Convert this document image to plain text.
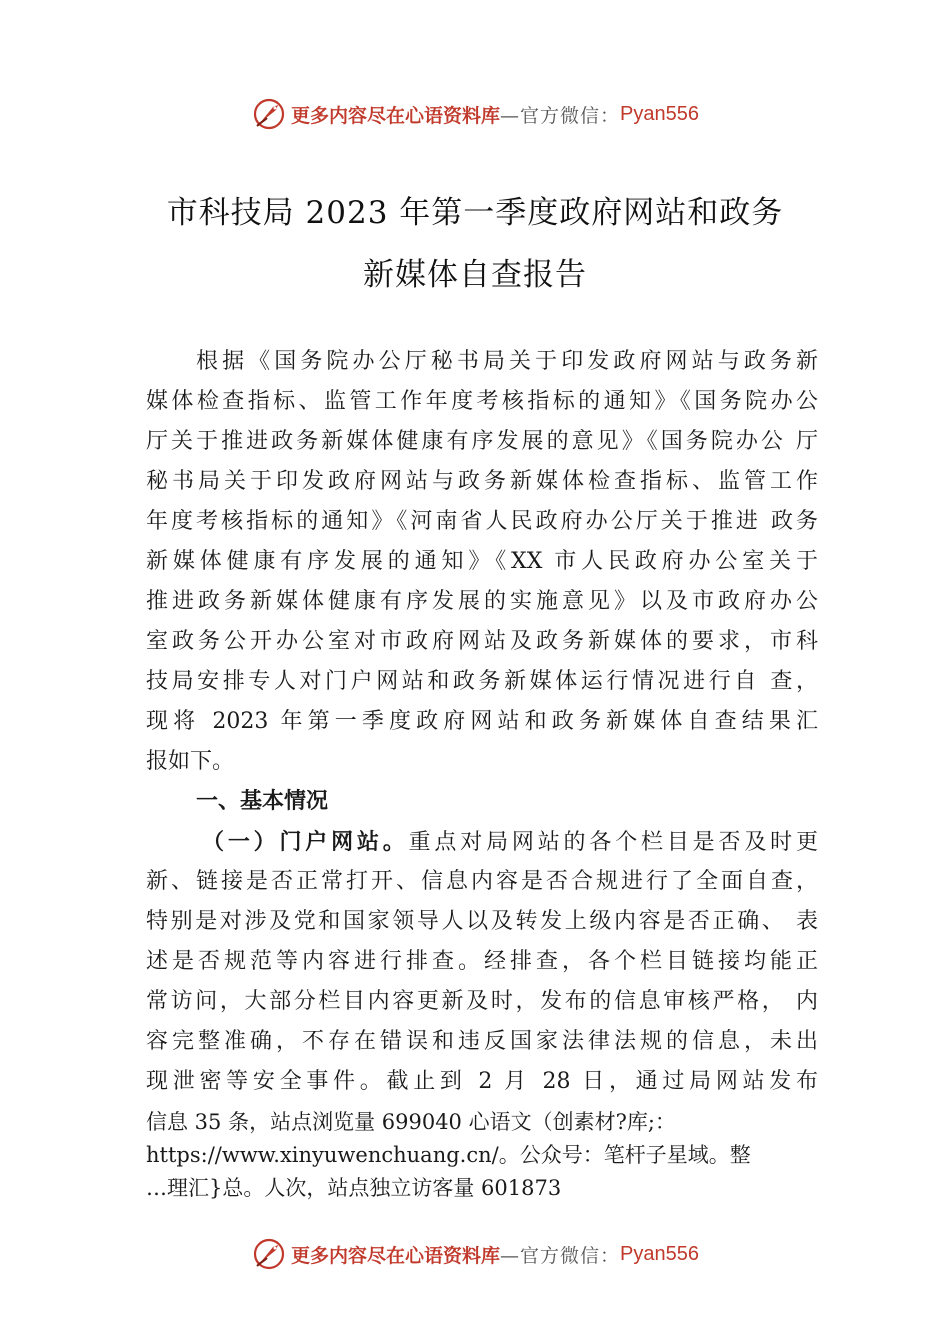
更多内容尽在心语资料库 —官方微信： Pyan556
市科技局 2023 年第一季度政府网站和政务
新媒体自查报告
根据《国务院办公厅秘书局关于印发政府网站与政务新
媒体检查指标、监管工作年度考核指标的通知》《国务院办公
厅关于推进政务新媒体健康有序发展的意见》《国务院办公 厅
秘书局关于印发政府网站与政务新媒体检查指标、监管工作
年度考核指标的通知》《河南省人民政府办公厅关于推进 政务
新媒体健康有序发展的通知》《XX 市人民政府办公室关于
推进政务新媒体健康有序发展的实施意见》以及市政府办公
室政务公开办公室对市政府网站及政务新媒体的要求，市科
技局安排专人对门户网站和政务新媒体运行情况进行自 查，
现将 2023 年第一季度政府网站和政务新媒体自查结果汇
报如下。
一、基本情况
（一）门户网站。重点对局网站的各个栏目是否及时更
新、链接是否正常打开、信息内容是否合规进行了全面自查，
特别是对涉及党和国家领导人以及转发上级内容是否正确、 表
述是否规范等内容进行排查。经排查，各个栏目链接均能正
常访问，大部分栏目内容更新及时，发布的信息审核严格， 内
容完整准确，不存在错误和违反国家法律法规的信息，未出
现泄密等安全事件。截止到 2 月 28 日，通过局网站发布
信息 35 条，站点浏览量 699040 心语文（创素材?库;：
https://www.xinyuwenchuang.cn/。公众号：笔杆子星域。整
…理汇}总。人次，站点独立访客量 601873
更多内容尽在心语资料库 —官方微信： Pyan556
